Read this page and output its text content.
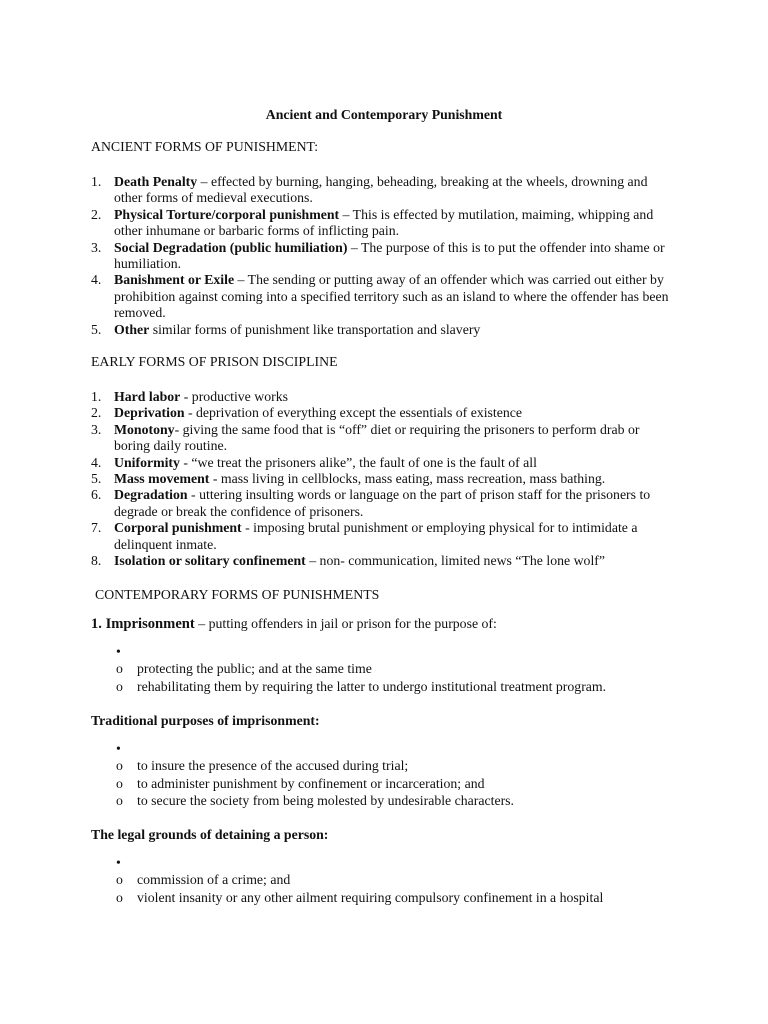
Ancient and Contemporary Punishment
ANCIENT FORMS OF PUNISHMENT:
1. Death Penalty – effected by burning, hanging, beheading, breaking at the wheels, drowning and other forms of medieval executions.
2. Physical Torture/corporal punishment – This is effected by mutilation, maiming, whipping and other inhumane or barbaric forms of inflicting pain.
3. Social Degradation (public humiliation) – The purpose of this is to put the offender into shame or humiliation.
4. Banishment or Exile – The sending or putting away of an offender which was carried out either by prohibition against coming into a specified territory such as an island to where the offender has been removed.
5. Other similar forms of punishment like transportation and slavery
EARLY FORMS OF PRISON DISCIPLINE
1. Hard labor - productive works
2. Deprivation - deprivation of everything except the essentials of existence
3. Monotony- giving the same food that is “off” diet or requiring the prisoners to perform drab or boring daily routine.
4. Uniformity - “we treat the prisoners alike”, the fault of one is the fault of all
5. Mass movement - mass living in cellblocks, mass eating, mass recreation, mass bathing.
6. Degradation - uttering insulting words or language on the part of prison staff for the prisoners to degrade or break the confidence of prisoners.
7. Corporal punishment - imposing brutal punishment or employing physical for to intimidate a delinquent inmate.
8. Isolation or solitary confinement – non- communication, limited news “The lone wolf”
CONTEMPORARY FORMS OF PUNISHMENTS
1. Imprisonment – putting offenders in jail or prison for the purpose of:
•
o protecting the public; and at the same time
o rehabilitating them by requiring the latter to undergo institutional treatment program.
Traditional purposes of imprisonment:
•
o to insure the presence of the accused during trial;
o to administer punishment by confinement or incarceration; and
o to secure the society from being molested by undesirable characters.
The legal grounds of detaining a person:
•
o commission of a crime; and
o violent insanity or any other ailment requiring compulsory confinement in a hospital
